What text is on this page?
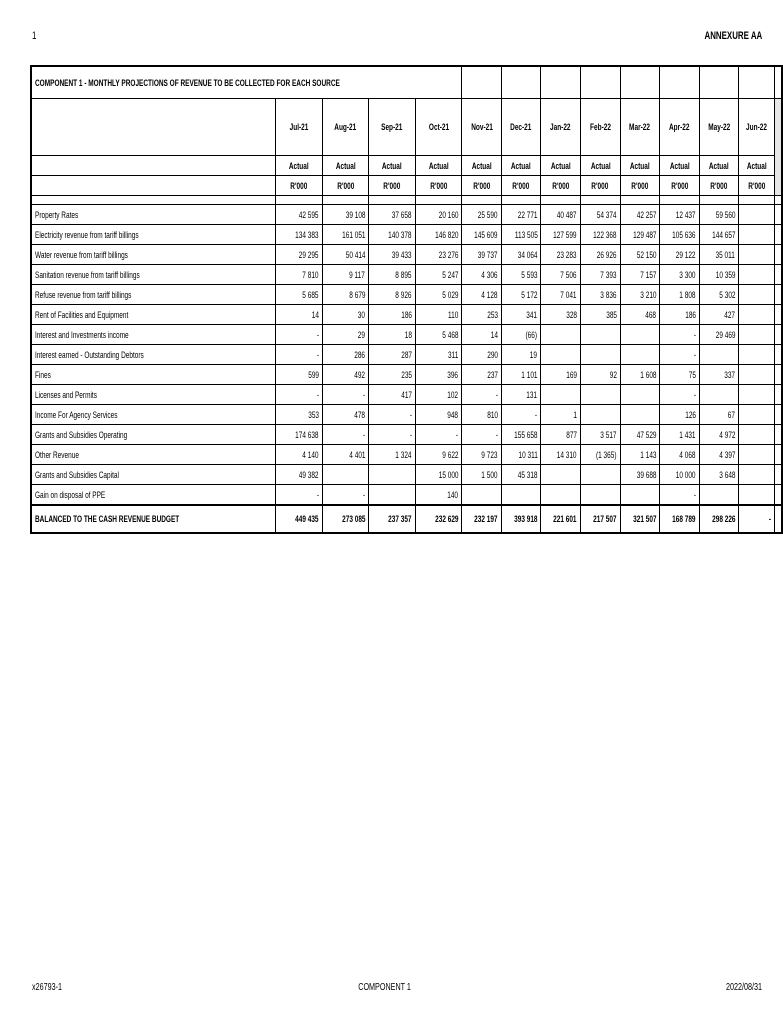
1	ANNEXURE AA
COMPONENT 1 - MONTHLY PROJECTIONS OF REVENUE TO BE COLLECTED FOR EACH SOURCE													
	Jul-21	Aug-21	Sep-21	Oct-21	Nov-21	Dec-21	Jan-22	Feb-22	Mar-22	Apr-22	May-22	Jun-22	
	Actual	Actual	Actual	Actual	Actual	Actual	Actual	Actual	Actual	Actual	Actual	Actual	
	R'000	R'000	R'000	R'000	R'000	R'000	R'000	R'000	R'000	R'000	R'000	R'000	

Property Rates	42 595	39 108	37 658	20 160	25 590	22 771	40 487	54 374	42 257	12 437	59 560		
Electricity revenue from tariff billings	134 383	161 051	140 378	146 820	145 609	113 505	127 599	122 368	129 487	105 636	144 657		
Water revenue from tariff billings	29 295	50 414	39 433	23 276	39 737	34 064	23 283	26 926	52 150	29 122	35 011		
Sanitation revenue from tariff billings	7 810	9 117	8 895	5 247	4 306	5 593	7 506	7 393	7 157	3 300	10 359		
Refuse revenue from tariff billings	5 685	8 679	8 926	5 029	4 128	5 172	7 041	3 836	3 210	1 808	5 302		
Rent of Facilities and Equipment	14	30	186	110	253	341	328	385	468	186	427		
Interest and Investments income	-	29	18	5 468	14	(66)				-	29 469		
Interest earned - Outstanding Debtors	-	286	287	311	290	19				-			
Fines	599	492	235	396	237	1 101	169	92	1 608	75	337		
Licenses and Permits	-	-	417	102	-	131				-			
Income For Agency Services	353	478	-	948	810	-	1			126	67		
Grants and Subsidies Operating	174 638	-	-	-	-	155 658	877	3 517	47 529	1 431	4 972		
Other Revenue	4 140	4 401	1 324	9 622	9 723	10 311	14 310	(1 365)	1 143	4 068	4 397		
Grants and Subsidies Capital	49 382			15 000	1 500	45 318			39 688	10 000	3 648		
Gain on disposal of PPE	-	-		140						-			
BALANCED TO THE CASH REVENUE BUDGET	449 435	273 085	237 357	232 629	232 197	393 918	221 601	217 507	321 507	168 789	298 226	-	
x26793-1	COMPONENT 1	2022/08/31
